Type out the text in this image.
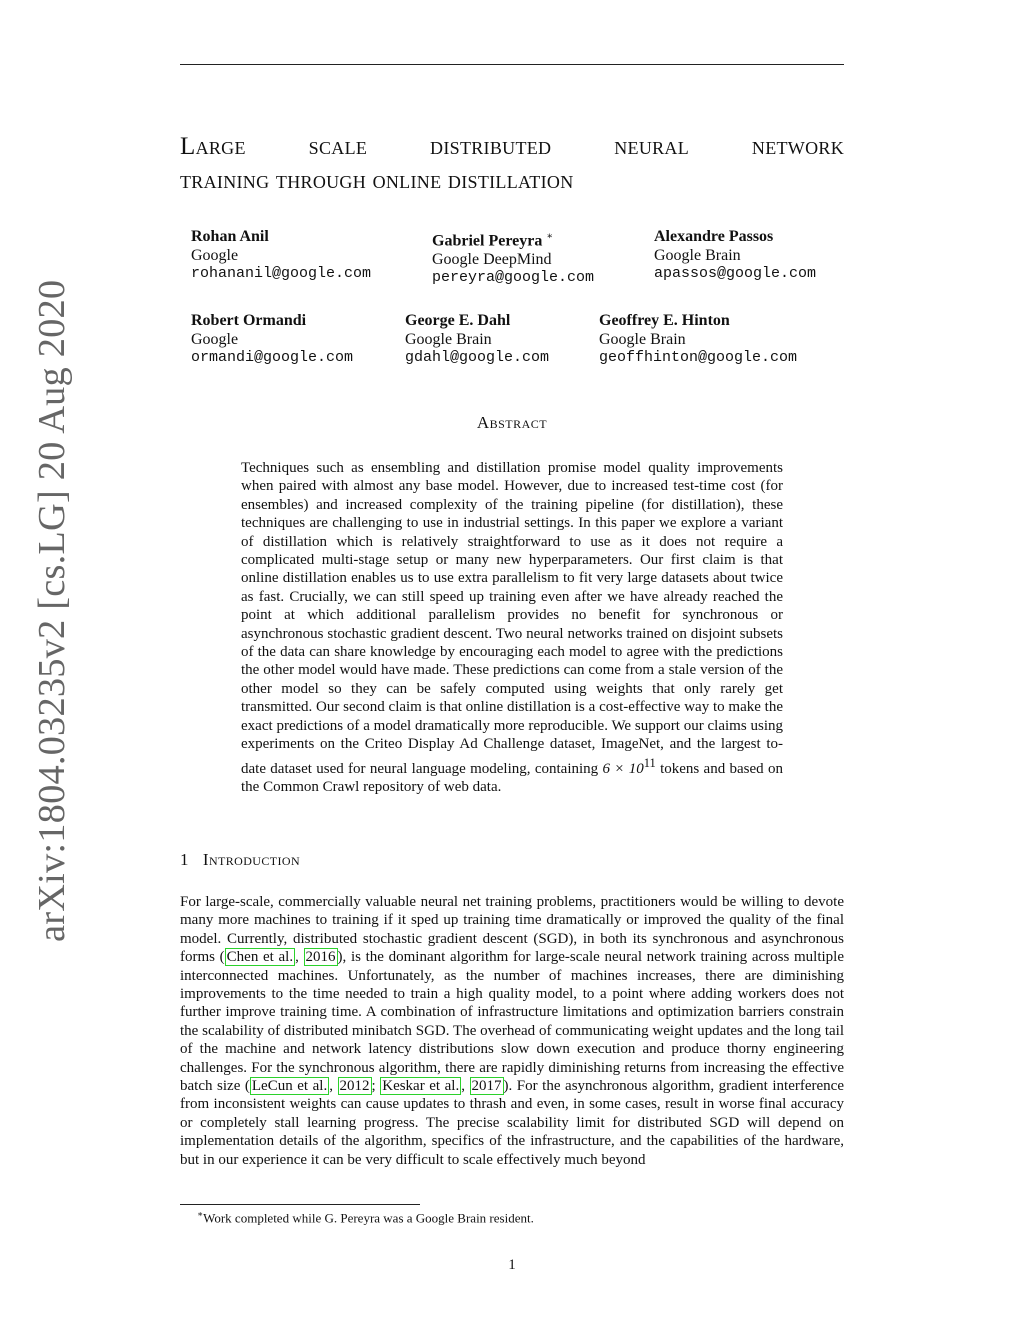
arXiv:1804.03235v2 [cs.LG] 20 Aug 2020
Large scale distributed neural network
training through online distillation
Rohan Anil
Google
rohananil@google.com
Gabriel Pereyra ∗
Google DeepMind
pereyra@google.com
Alexandre Passos
Google Brain
apassos@google.com
Robert Ormandi
Google
ormandi@google.com
George E. Dahl
Google Brain
gdahl@google.com
Geoffrey E. Hinton
Google Brain
geoffhinton@google.com
Abstract

Techniques such as ensembling and distillation promise model quality improvements when paired with almost any base model. However, due to increased test-time cost (for ensembles) and increased complexity of the training pipeline (for distillation), these techniques are challenging to use in industrial settings. In this paper we explore a variant of distillation which is relatively straightforward to use as it does not require a complicated multi-stage setup or many new hyperparameters. Our first claim is that online distillation enables us to use extra parallelism to fit very large datasets about twice as fast. Crucially, we can still speed up training even after we have already reached the point at which additional parallelism provides no benefit for synchronous or asynchronous stochastic gradient descent. Two neural networks trained on disjoint subsets of the data can share knowledge by encouraging each model to agree with the predictions the other model would have made. These predictions can come from a stale version of the other model so they can be safely computed using weights that only rarely get transmitted. Our second claim is that online distillation is a cost-effective way to make the exact predictions of a model dramatically more reproducible. We support our claims using experiments on the Criteo Display Ad Challenge dataset, ImageNet, and the largest to-date dataset used for neural language modeling, containing $6 \times 10^{11}$ tokens and based on the Common Crawl repository of web data.

1 Introduction

For large-scale, commercially valuable neural net training problems, practitioners would be willing to devote many more machines to training if it sped up training time dramatically or improved the quality of the final model. Currently, distributed stochastic gradient descent (SGD), in both its synchronous and asynchronous forms ( Chen et al. , 2016 ), is the dominant algorithm for large-scale neural network training across multiple interconnected machines. Unfortunately, as the number of machines increases, there are diminishing improvements to the time needed to train a high quality model, to a point where adding workers does not further improve training time. A combination of infrastructure limitations and optimization barriers constrain the scalability of distributed minibatch SGD. The overhead of communicating weight updates and the long tail of the machine and network latency distributions slow down execution and produce thorny engineering challenges. For the synchronous algorithm, there are rapidly diminishing returns from increasing the effective batch size ( LeCun et al. , 2012 ; Keskar et al. , 2017 ). For the asynchronous algorithm, gradient interference from inconsistent weights can cause updates to thrash and even, in some cases, result in worse final accuracy or completely stall learning progress. The precise scalability limit for distributed SGD will depend on implementation details of the algorithm, specifics of the infrastructure, and the capabilities of the hardware, but in our experience it can be very difficult to scale effectively much beyond

∗Work completed while G. Pereyra was a Google Brain resident.

1
